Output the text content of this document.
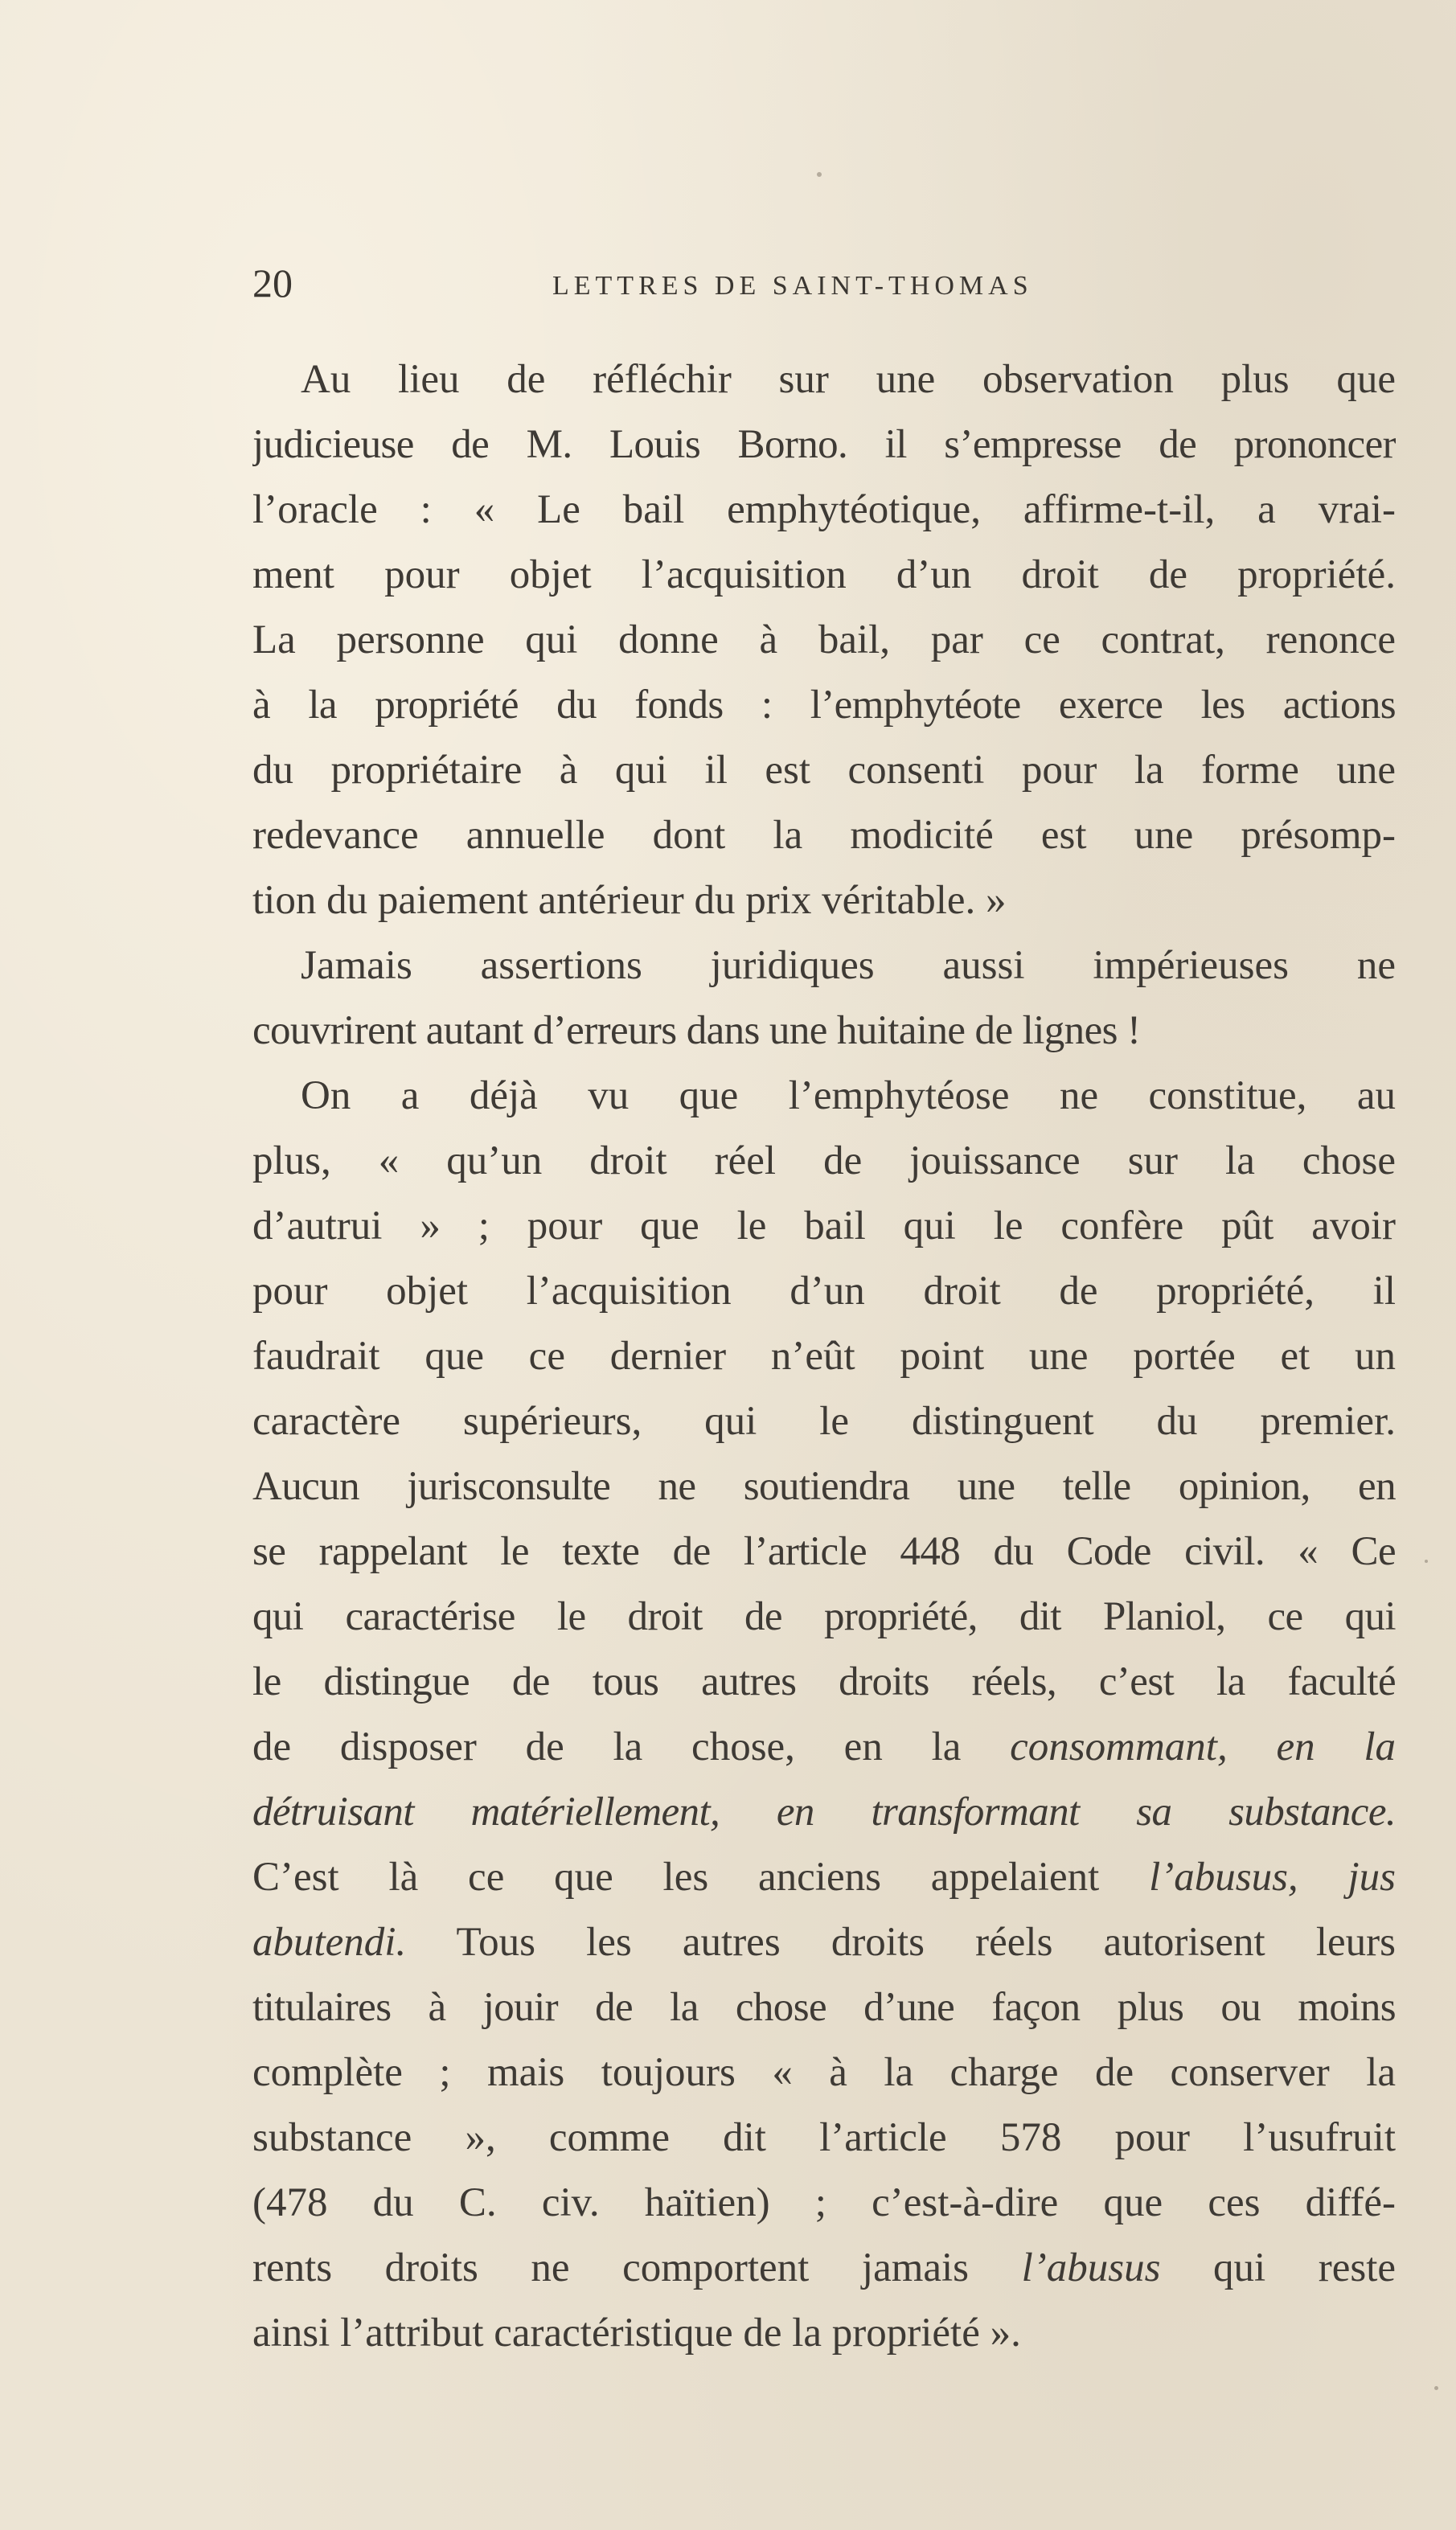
20	LETTRES DE SAINT-THOMAS
Au lieu de réfléchir sur une observation plus que
judicieuse de M. Louis Borno. il s’empresse de prononcer
l’oracle : « Le bail emphytéotique, affirme-t-il, a vrai-
ment pour objet l’acquisition d’un droit de propriété.
La personne qui donne à bail, par ce contrat, renonce
à la propriété du fonds : l’emphytéote exerce les actions
du propriétaire à qui il est consenti pour la forme une
redevance annuelle dont la modicité est une présomp-
tion du paiement antérieur du prix véritable. »
Jamais assertions juridiques aussi impérieuses ne
couvrirent autant d’erreurs dans une huitaine de lignes !
On a déjà vu que l’emphytéose ne constitue, au
plus, « qu’un droit réel de jouissance sur la chose
d’autrui » ; pour que le bail qui le confère pût avoir
pour objet l’acquisition d’un droit de propriété, il
faudrait que ce dernier n’eût point une portée et un
caractère supérieurs, qui le distinguent du premier.
Aucun jurisconsulte ne soutiendra une telle opinion, en
se rappelant le texte de l’article 448 du Code civil. « Ce
qui caractérise le droit de propriété, dit Planiol, ce qui
le distingue de tous autres droits réels, c’est la faculté
de disposer de la chose, en la consommant, en la
détruisant matériellement, en transformant sa substance.
C’est là ce que les anciens appelaient l’abusus, jus
abutendi. Tous les autres droits réels autorisent leurs
titulaires à jouir de la chose d’une façon plus ou moins
complète ; mais toujours « à la charge de conserver la
substance », comme dit l’article 578 pour l’usufruit
(478 du C. civ. haïtien) ; c’est-à-dire que ces diffé-
rents droits ne comportent jamais l’abusus qui reste
ainsi l’attribut caractéristique de la propriété ».
